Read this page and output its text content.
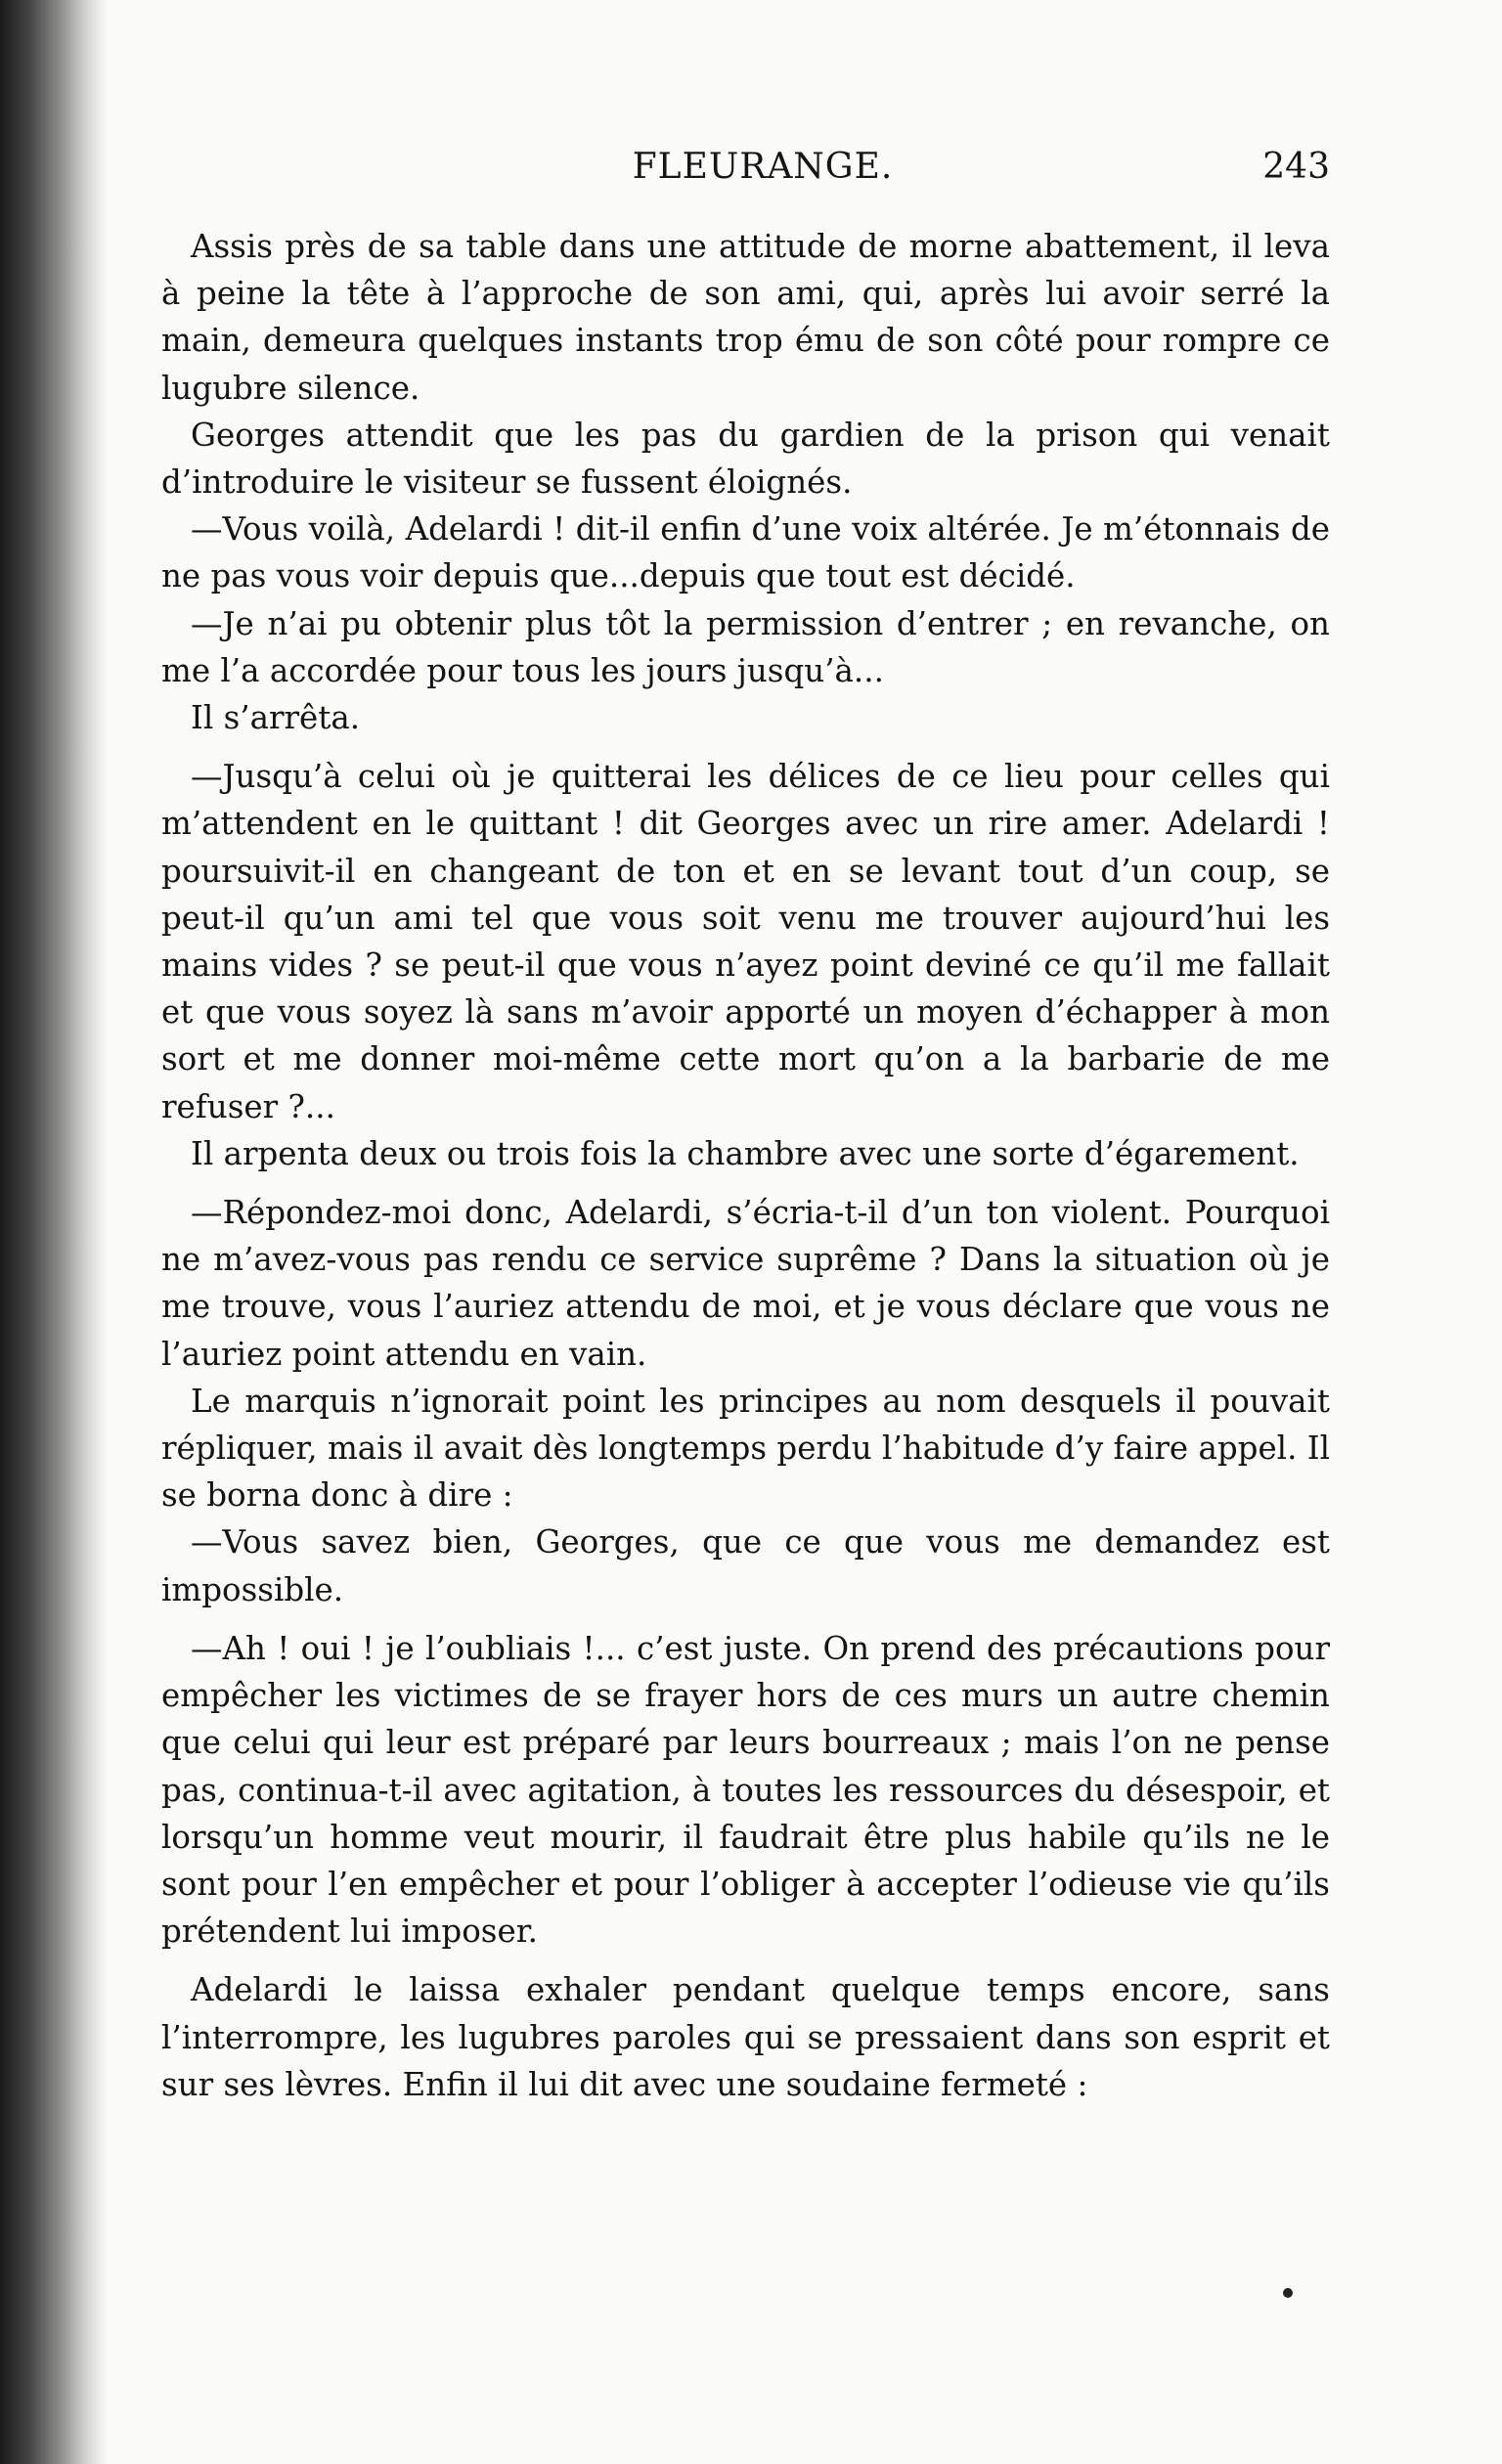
FLEURANGE.	243

Assis près de sa table dans une attitude de morne abattement, il leva à peine la tête à l’approche de son ami, qui, après lui avoir serré la main, demeura quelques instants trop ému de son côté pour rompre ce lugubre silence.

Georges attendit que les pas du gardien de la prison qui venait d’introduire le visiteur se fussent éloignés.

—Vous voilà, Adelardi ! dit-il enfin d’une voix altérée. Je m’étonnais de ne pas vous voir depuis que...depuis que tout est décidé.

—Je n’ai pu obtenir plus tôt la permission d’entrer ; en revanche, on me l’a accordée pour tous les jours jusqu’à...

Il s’arrêta.

—Jusqu’à celui où je quitterai les délices de ce lieu pour celles qui m’attendent en le quittant ! dit Georges avec un rire amer. Adelardi ! poursuivit-il en changeant de ton et en se levant tout d’un coup, se peut-il qu’un ami tel que vous soit venu me trouver aujourd’hui les mains vides ? se peut-il que vous n’ayez point deviné ce qu’il me fallait et que vous soyez là sans m’avoir apporté un moyen d’échapper à mon sort et me donner moi-même cette mort qu’on a la barbarie de me refuser ?...

Il arpenta deux ou trois fois la chambre avec une sorte d’égarement.

—Répondez-moi donc, Adelardi, s’écria-t-il d’un ton violent. Pourquoi ne m’avez-vous pas rendu ce service suprême ? Dans la situation où je me trouve, vous l’auriez attendu de moi, et je vous déclare que vous ne l’auriez point attendu en vain.

Le marquis n’ignorait point les principes au nom desquels il pouvait répliquer, mais il avait dès longtemps perdu l’habitude d’y faire appel. Il se borna donc à dire :

—Vous savez bien, Georges, que ce que vous me demandez est impossible.

—Ah ! oui ! je l’oubliais !... c’est juste. On prend des précautions pour empêcher les victimes de se frayer hors de ces murs un autre chemin que celui qui leur est préparé par leurs bourreaux ; mais l’on ne pense pas, continua-t-il avec agitation, à toutes les ressources du désespoir, et lorsqu’un homme veut mourir, il faudrait être plus habile qu’ils ne le sont pour l’en empêcher et pour l’obliger à accepter l’odieuse vie qu’ils prétendent lui imposer.

Adelardi le laissa exhaler pendant quelque temps encore, sans l’interrompre, les lugubres paroles qui se pressaient dans son esprit et sur ses lèvres. Enfin il lui dit avec une soudaine fermeté :
